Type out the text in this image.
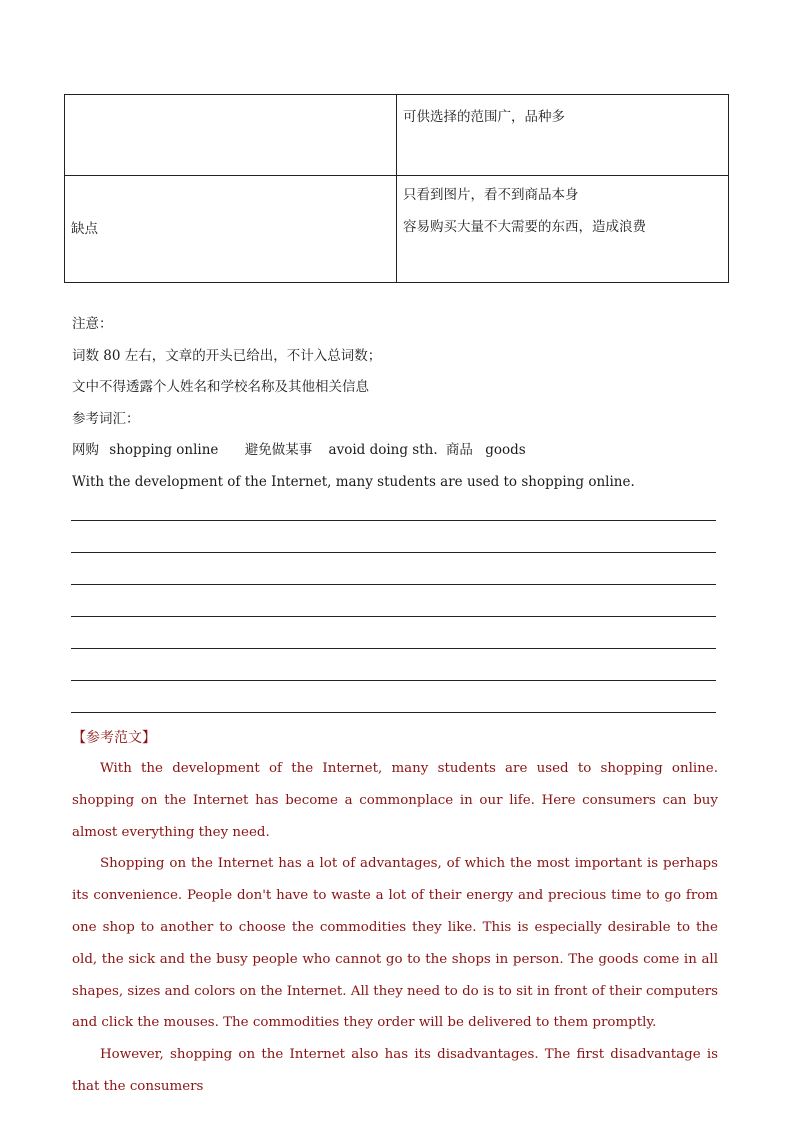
	可供选择的范围广，品种多

缺点	只看到图片，看不到商品本身
容易购买大量不大需要的东西，造成浪费
注意：
词数 80 左右，文章的开头已给出，不计入总词数；
文中不得透露个人姓名和学校名称及其他相关信息
参考词汇：
网购 shopping online 避免做某事 avoid doing sth. 商品 goods
With the development of the Internet, many students are used to shopping online.
【参考范文】

With the development of the Internet, many students are used to shopping online. shopping on the Internet has become a commonplace in our life. Here consumers can buy almost everything they need.

Shopping on the Internet has a lot of advantages, of which the most important is perhaps its convenience. People don't have to waste a lot of their energy and precious time to go from one shop to another to choose the commodities they like. This is especially desirable to the old, the sick and the busy people who cannot go to the shops in person. The goods come in all shapes, sizes and colors on the Internet. All they need to do is to sit in front of their computers and click the mouses. The commodities they order will be delivered to them promptly.

However, shopping on the Internet also has its disadvantages. The first disadvantage is that the consumers
